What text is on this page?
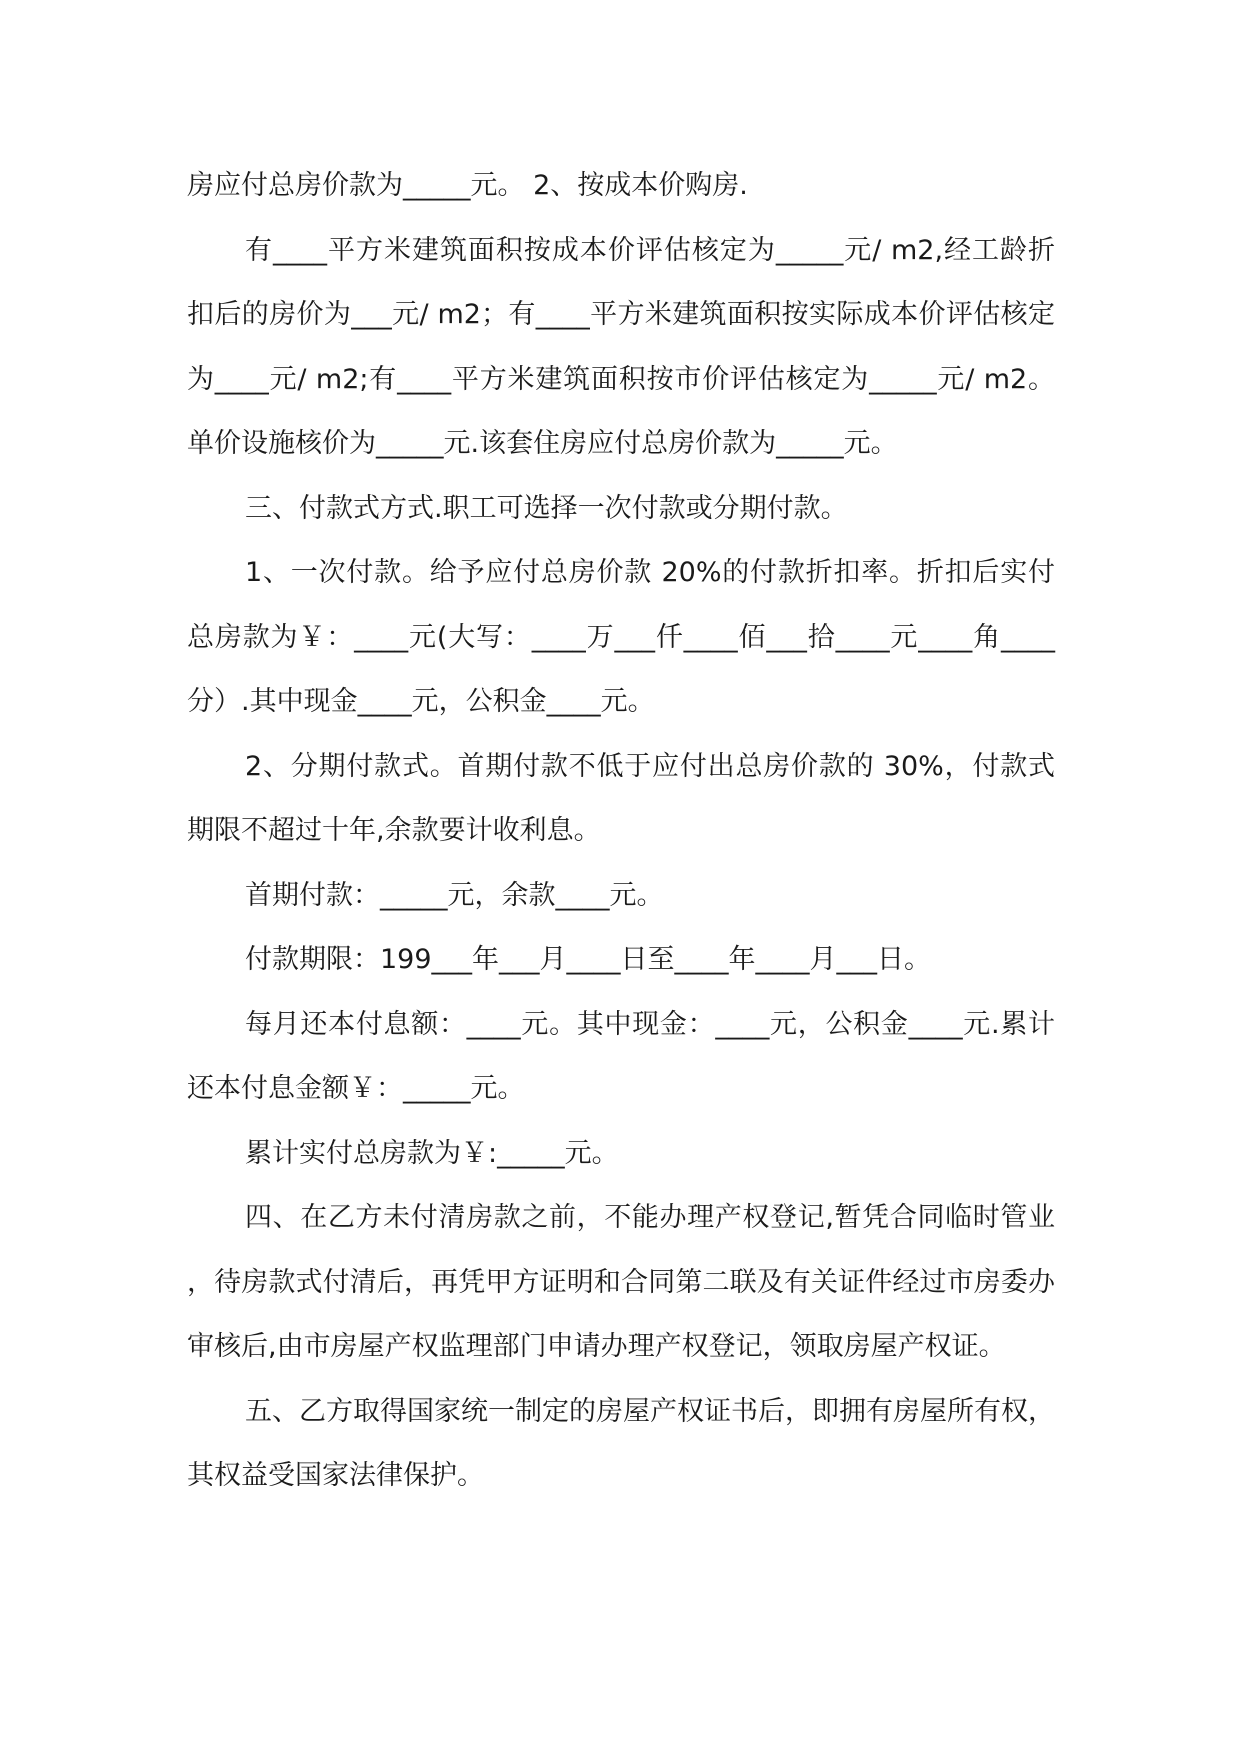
房应付总房价款为_____元。 2、按成本价购房.

有____平方米建筑面积按成本价评估核定为_____元/ m2,经工龄折扣后的房价为___元/ m2；有____平方米建筑面积按实际成本价评估核定为____元/ m2;有____平方米建筑面积按市价评估核定为_____元/ m2。单价设施核价为_____元.该套住房应付总房价款为_____元。

三、付款式方式.职工可选择一次付款或分期付款。

1、一次付款。给予应付总房价款 20%的付款折扣率。折扣后实付总房款为￥：____元(大写：____万___仟____佰___拾____元____角____分）.其中现金____元，公积金____元。

2、分期付款式。首期付款不低于应付出总房价款的 30%，付款式期限不超过十年,余款要计收利息。

首期付款：_____元，余款____元。

付款期限：199___年___月____日至____年____月___日。

每月还本付息额：____元。其中现金：____元，公积金____元.累计还本付息金额￥：_____元。

累计实付总房款为￥:_____元。

四、在乙方未付清房款之前，不能办理产权登记,暂凭合同临时管业，待房款式付清后，再凭甲方证明和合同第二联及有关证件经过市房委办审核后,由市房屋产权监理部门申请办理产权登记，领取房屋产权证。

五、乙方取得国家统一制定的房屋产权证书后，即拥有房屋所有权，其权益受国家法律保护。
